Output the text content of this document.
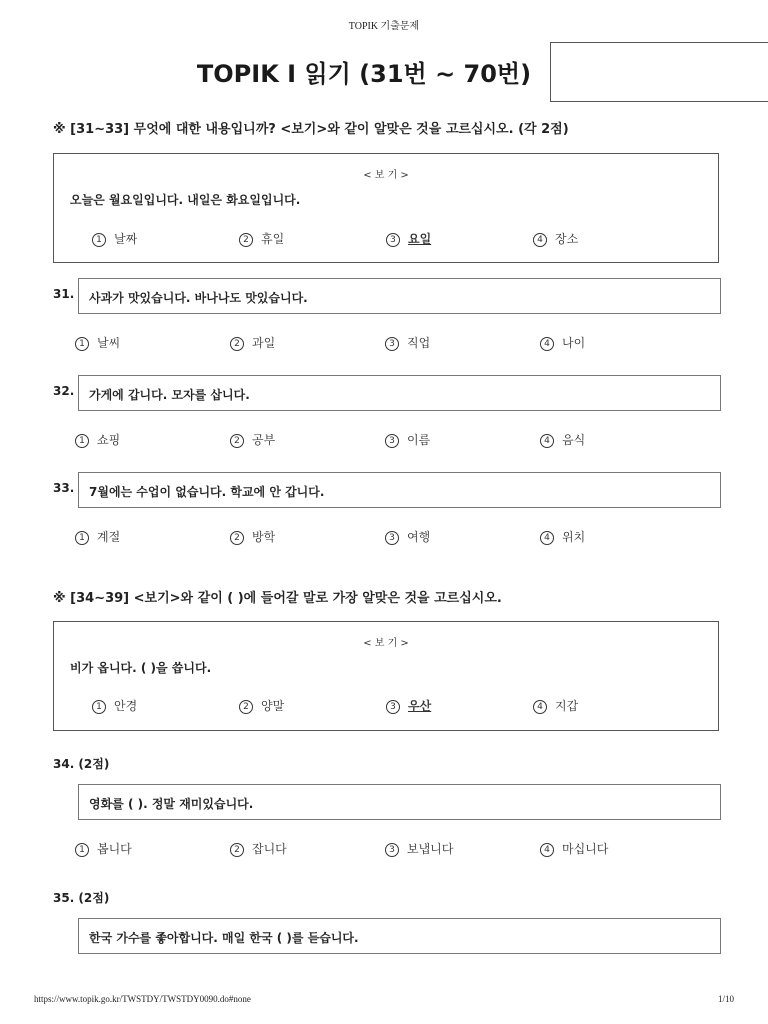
TOPIK 기출문제
TOPIK Ⅰ 읽기 (31번 ∼ 70번)
※ [31∼33] 무엇에 대한 내용입니까? <보기>와 같이 알맞은 것을 고르십시오. (각 2점)
< 보 기 >
오늘은 월요일입니다. 내일은 화요일입니다.
1 날짜	2 휴일	3 요일	4 장소
31. 사과가 맛있습니다. 바나나도 맛있습니다.
1 날씨	2 과일	3 직업	4 나이
32. 가게에 갑니다. 모자를 삽니다.
1 쇼핑	2 공부	3 이름	4 음식
33. 7월에는 수업이 없습니다. 학교에 안 갑니다.
1 계절	2 방학	3 여행	4 위치
※ [34∼39] <보기>와 같이 ( )에 들어갈 말로 가장 알맞은 것을 고르십시오.
< 보 기 >
비가 옵니다. ( )을 씁니다.
1 안경	2 양말	3 우산	4 지갑
34. (2점)
영화를 ( ). 정말 재미있습니다.
1 봅니다	2 잡니다	3 보냅니다	4 마십니다
35. (2점)
한국 가수를 좋아합니다. 매일 한국 ( )를 듣습니다.
https://www.topik.go.kr/TWSTDY/TWSTDY0090.do#none	1/10
